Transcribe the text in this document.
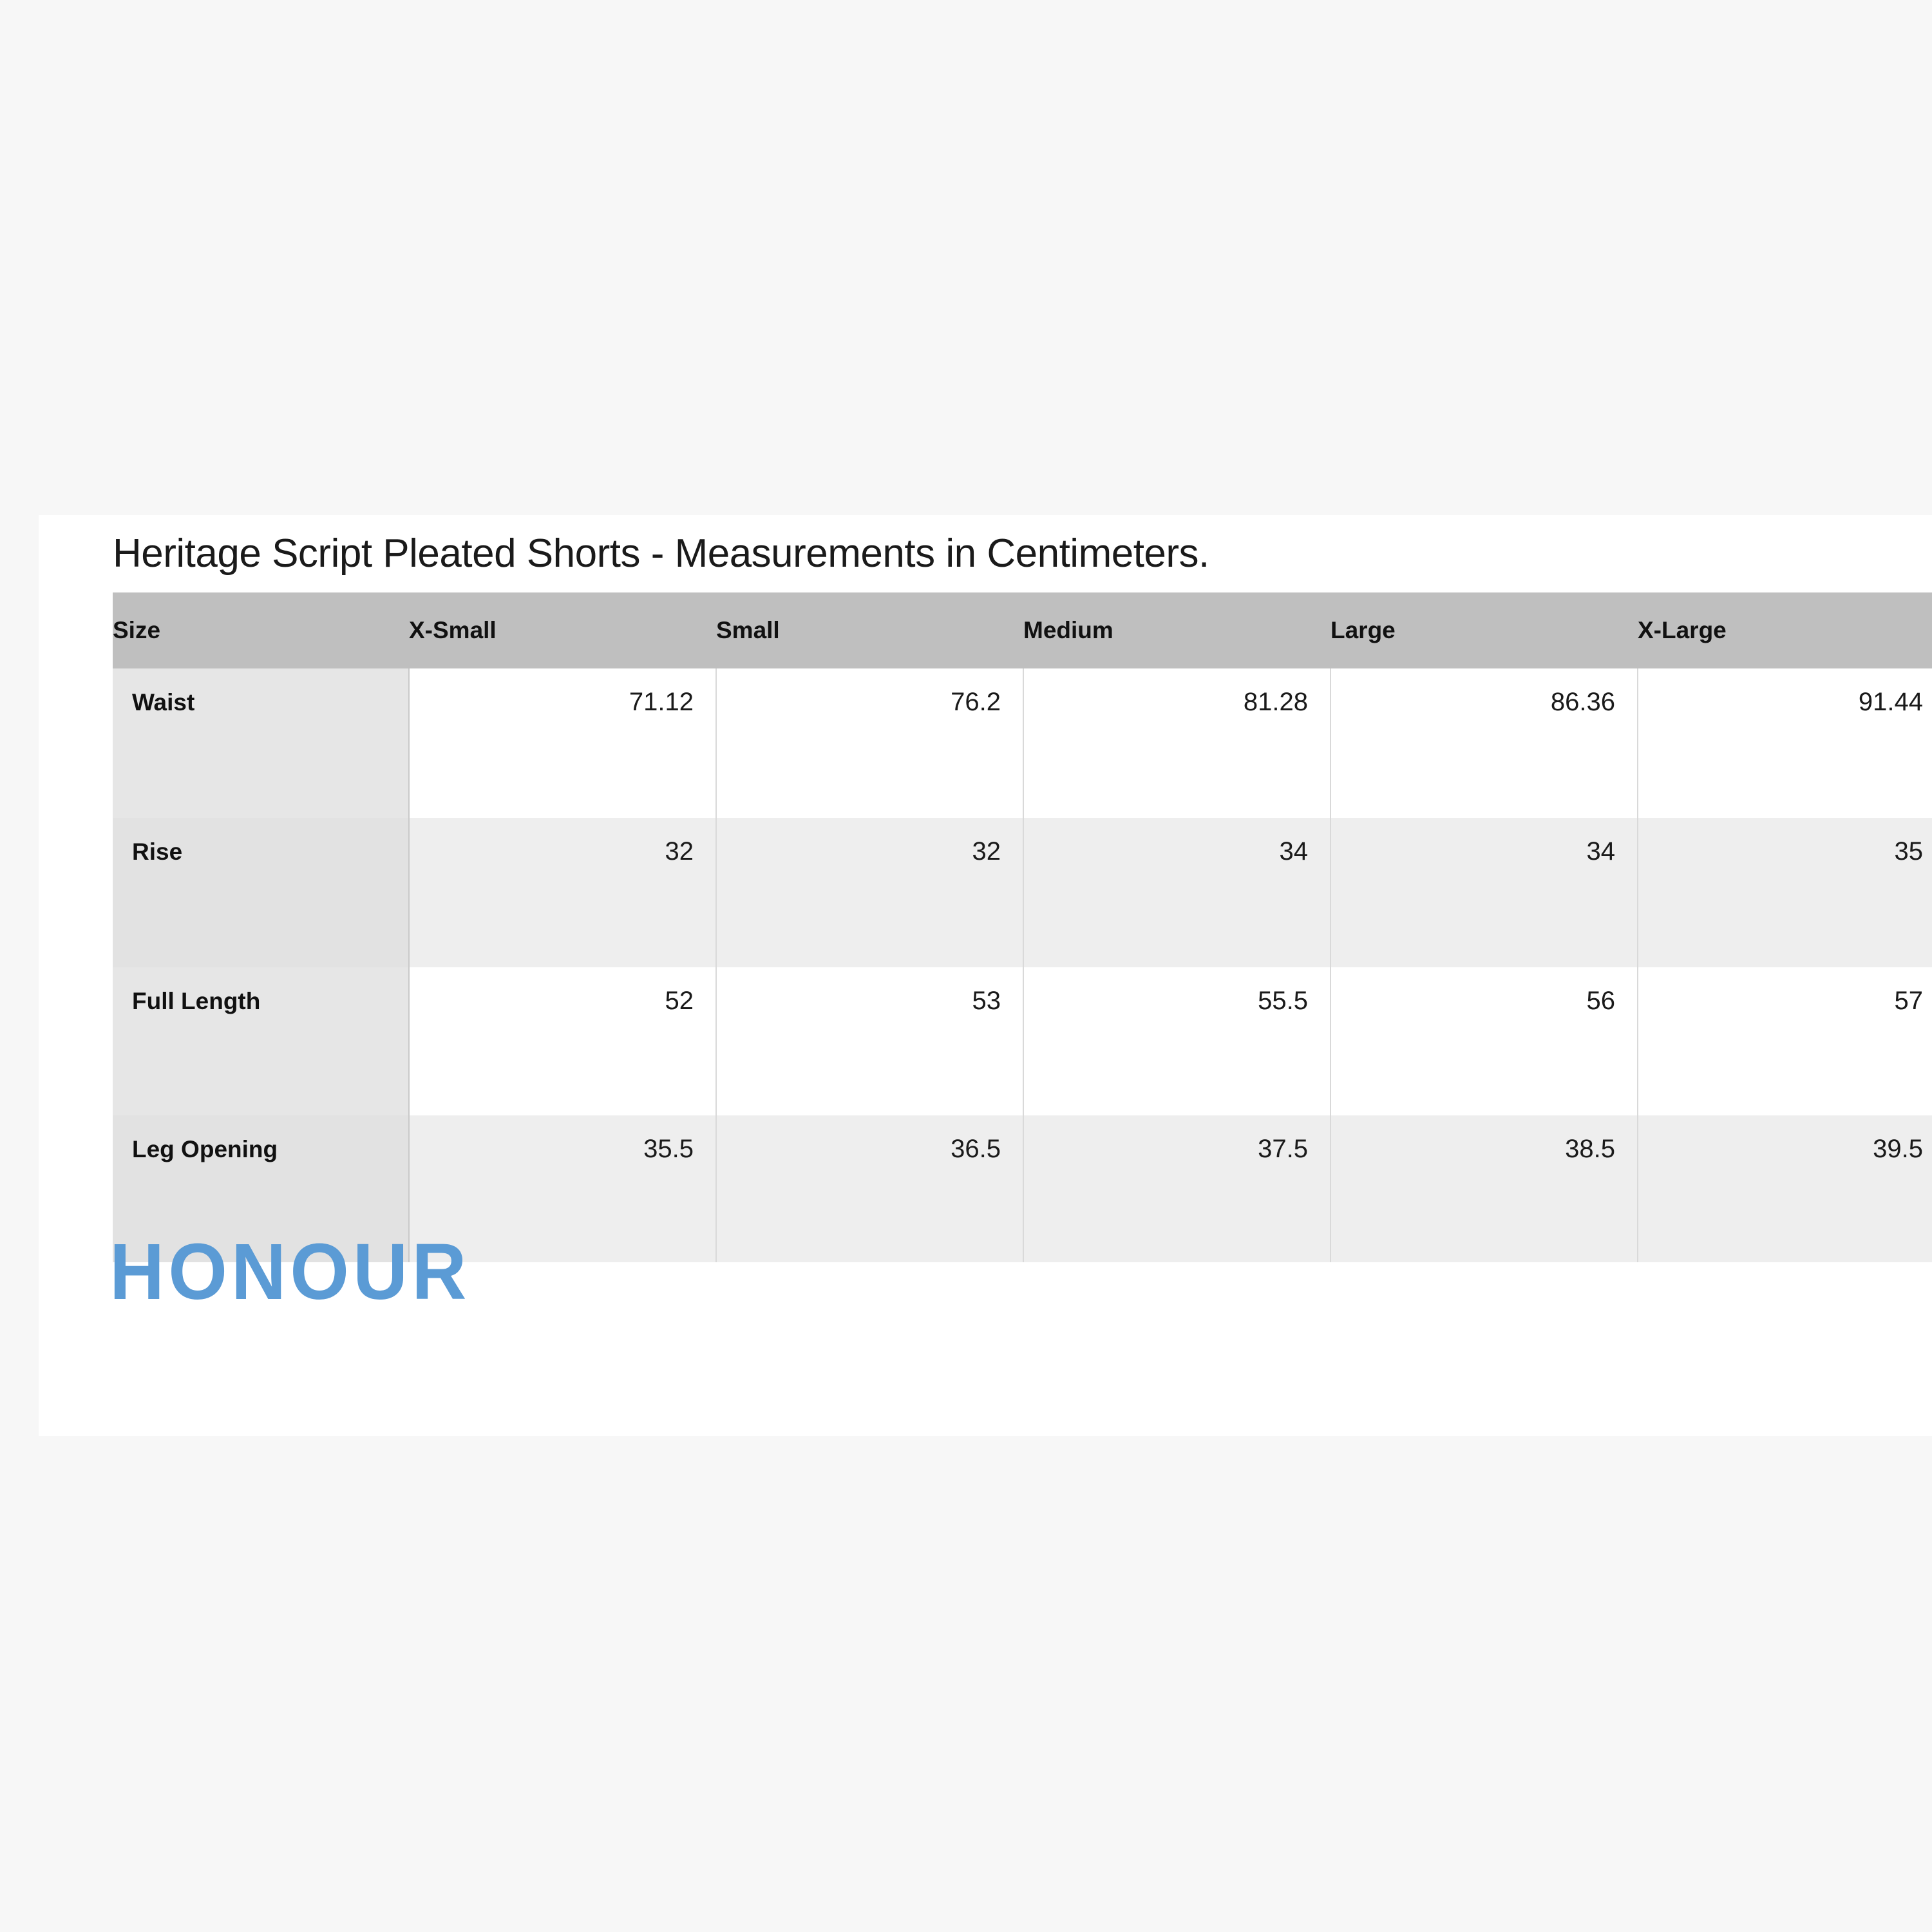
Heritage Script Pleated Shorts - Measurements in Centimeters.
Size	X-Small	Small	Medium	Large	X-Large
Waist	71.12	76.2	81.28	86.36	91.44
Rise	32	32	34	34	35
Full Length	52	53	55.5	56	57
Leg Opening	35.5	36.5	37.5	38.5	39.5
HONOUR
